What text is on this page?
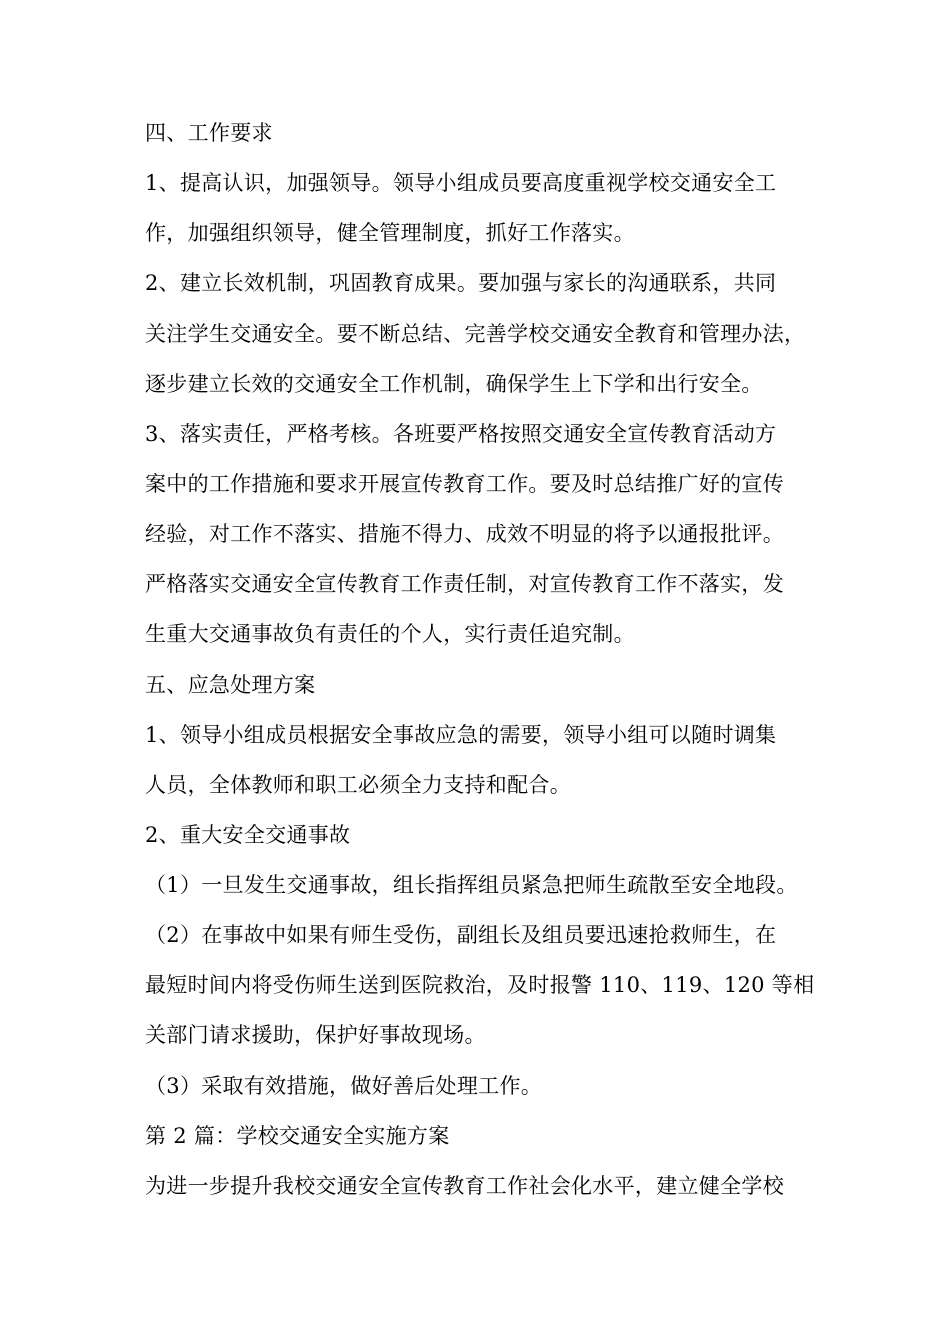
四、工作要求
1、提高认识，加强领导。领导小组成员要高度重视学校交通安全工
作，加强组织领导，健全管理制度，抓好工作落实。
2、建立长效机制，巩固教育成果。要加强与家长的沟通联系，共同
关注学生交通安全。要不断总结、完善学校交通安全教育和管理办法，
逐步建立长效的交通安全工作机制，确保学生上下学和出行安全。
3、落实责任，严格考核。各班要严格按照交通安全宣传教育活动方
案中的工作措施和要求开展宣传教育工作。要及时总结推广好的宣传
经验，对工作不落实、措施不得力、成效不明显的将予以通报批评。
严格落实交通安全宣传教育工作责任制，对宣传教育工作不落实，发
生重大交通事故负有责任的个人，实行责任追究制。
五、应急处理方案
1、领导小组成员根据安全事故应急的需要，领导小组可以随时调集
人员，全体教师和职工必须全力支持和配合。
2、重大安全交通事故
（1）一旦发生交通事故，组长指挥组员紧急把师生疏散至安全地段。
（2）在事故中如果有师生受伤，副组长及组员要迅速抢救师生，在
最短时间内将受伤师生送到医院救治，及时报警 110、119、120 等相
关部门请求援助，保护好事故现场。
（3）采取有效措施，做好善后处理工作。
第 2 篇：学校交通安全实施方案
为进一步提升我校交通安全宣传教育工作社会化水平，建立健全学校
